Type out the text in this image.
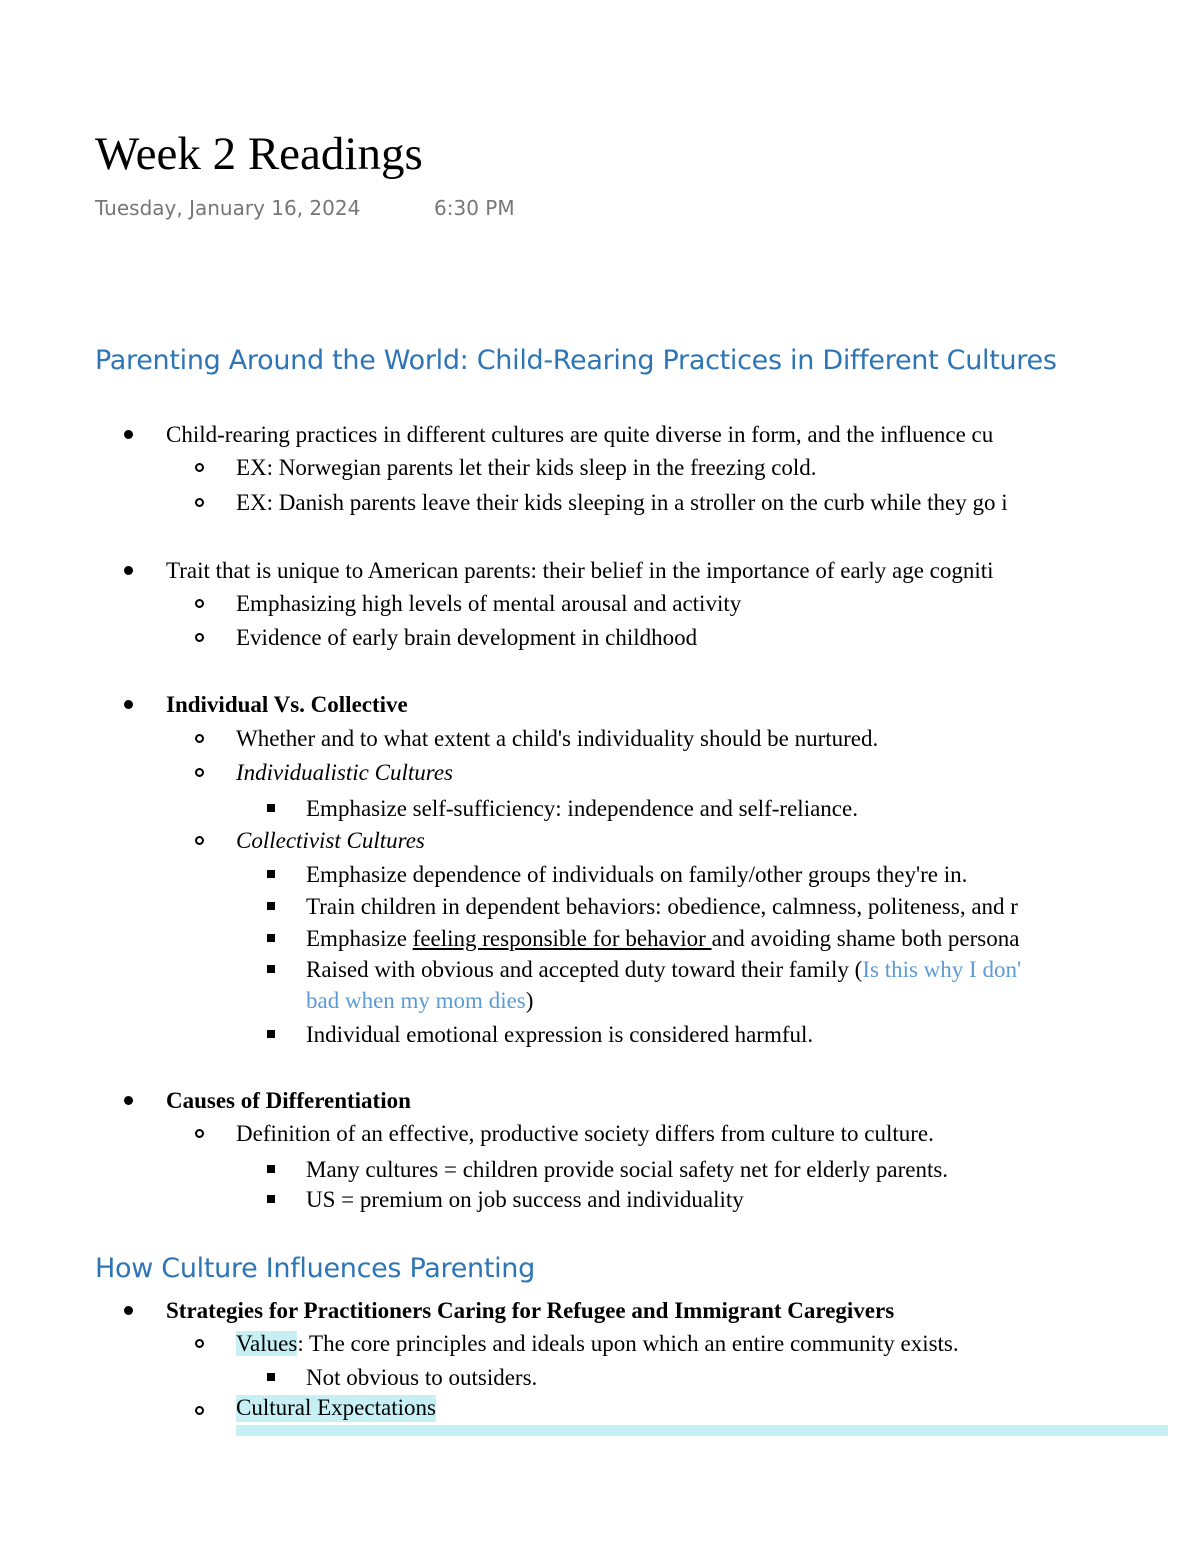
Week 2 Readings
Tuesday, January 16, 2024	6:30 PM
Parenting Around the World: Child-Rearing Practices in Different Cultures
Child-rearing practices in different cultures are quite diverse in form, and the influence cu
EX: Norwegian parents let their kids sleep in the freezing cold.
EX: Danish parents leave their kids sleeping in a stroller on the curb while they go i
Trait that is unique to American parents: their belief in the importance of early age cogniti
Emphasizing high levels of mental arousal and activity
Evidence of early brain development in childhood
Individual Vs. Collective
Whether and to what extent a child's individuality should be nurtured.
Individualistic Cultures
Emphasize self-sufficiency: independence and self-reliance.
Collectivist Cultures
Emphasize dependence of individuals on family/other groups they're in.
Train children in dependent behaviors: obedience, calmness, politeness, and r
Emphasize feeling responsible for behavior and avoiding shame both persona
Raised with obvious and accepted duty toward their family (Is this why I don'
bad when my mom dies)
Individual emotional expression is considered harmful.
Causes of Differentiation
Definition of an effective, productive society differs from culture to culture.
Many cultures = children provide social safety net for elderly parents.
US = premium on job success and individuality
How Culture Influences Parenting
Strategies for Practitioners Caring for Refugee and Immigrant Caregivers
Values: The core principles and ideals upon which an entire community exists.
Not obvious to outsiders.
Cultural Expectations
